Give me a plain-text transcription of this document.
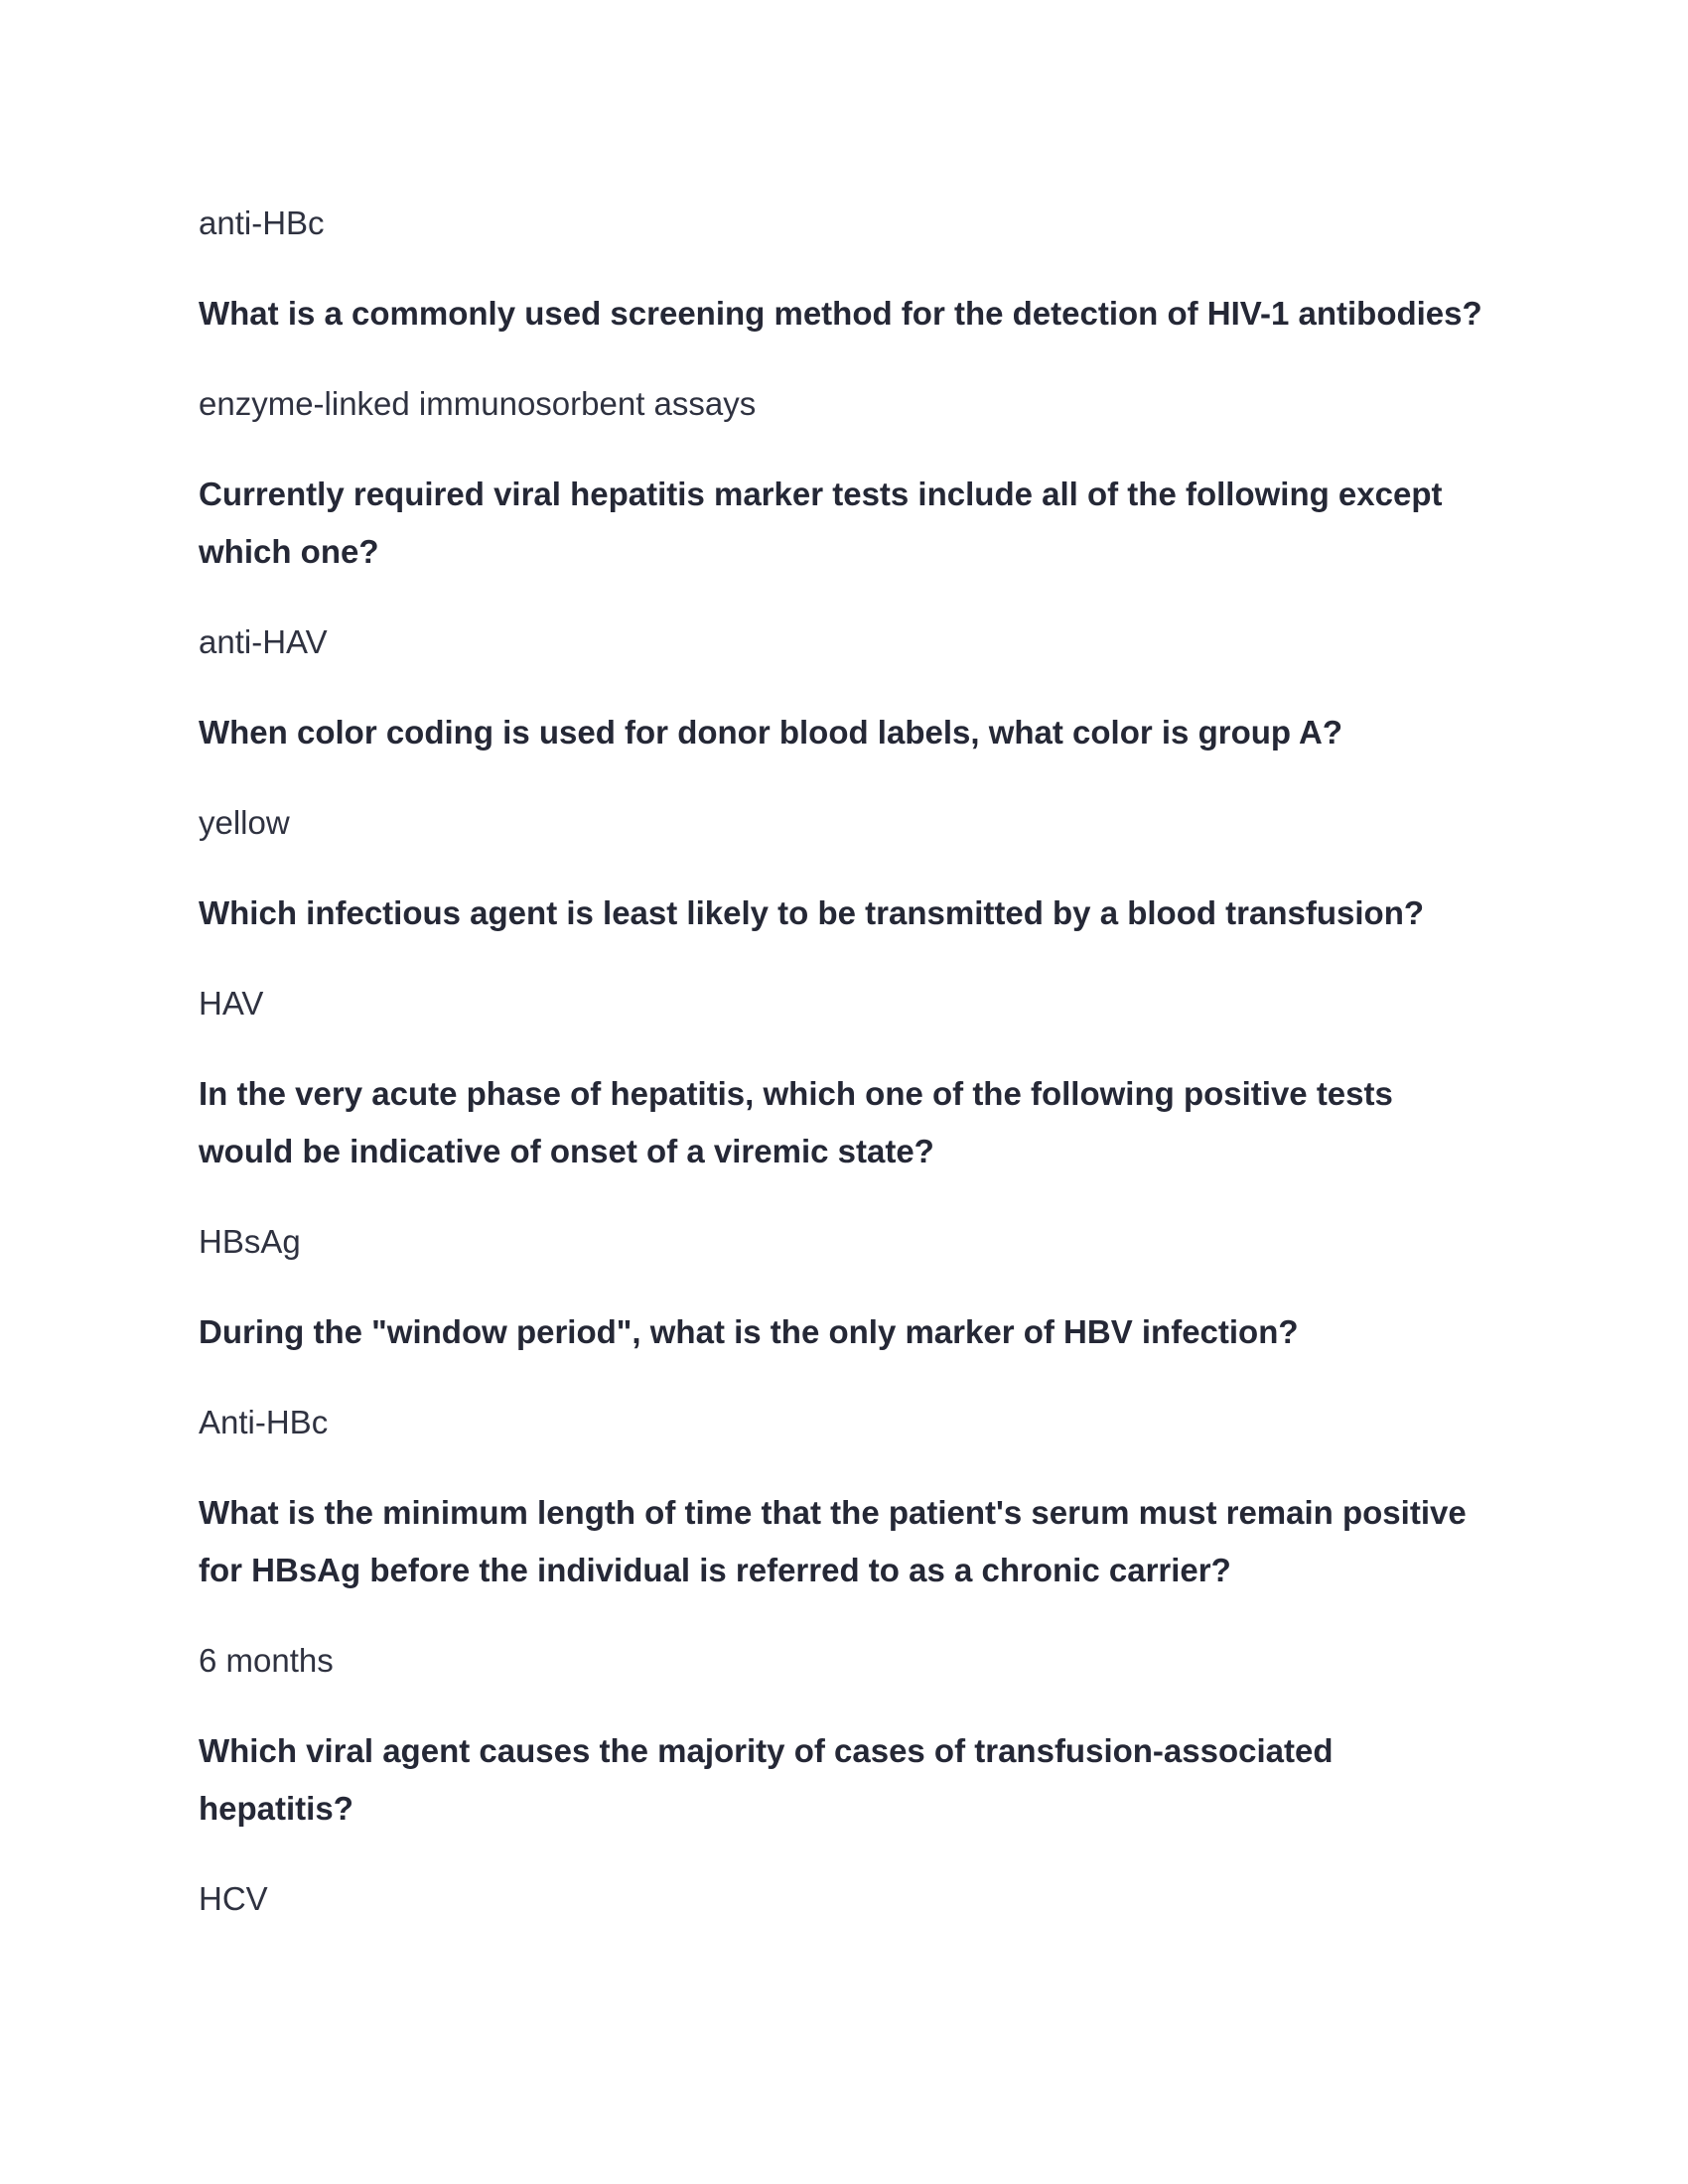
anti-HBc

What is a commonly used screening method for the detection of HIV-1 antibodies?

enzyme-linked immunosorbent assays

Currently required viral hepatitis marker tests include all of the following except which one?

anti-HAV

When color coding is used for donor blood labels, what color is group A?

yellow

Which infectious agent is least likely to be transmitted by a blood transfusion?

HAV

In the very acute phase of hepatitis, which one of the following positive tests would be indicative of onset of a viremic state?

HBsAg

During the "window period", what is the only marker of HBV infection?

Anti-HBc

What is the minimum length of time that the patient's serum must remain positive for HBsAg before the individual is referred to as a chronic carrier?

6 months

Which viral agent causes the majority of cases of transfusion-associated hepatitis?

HCV
